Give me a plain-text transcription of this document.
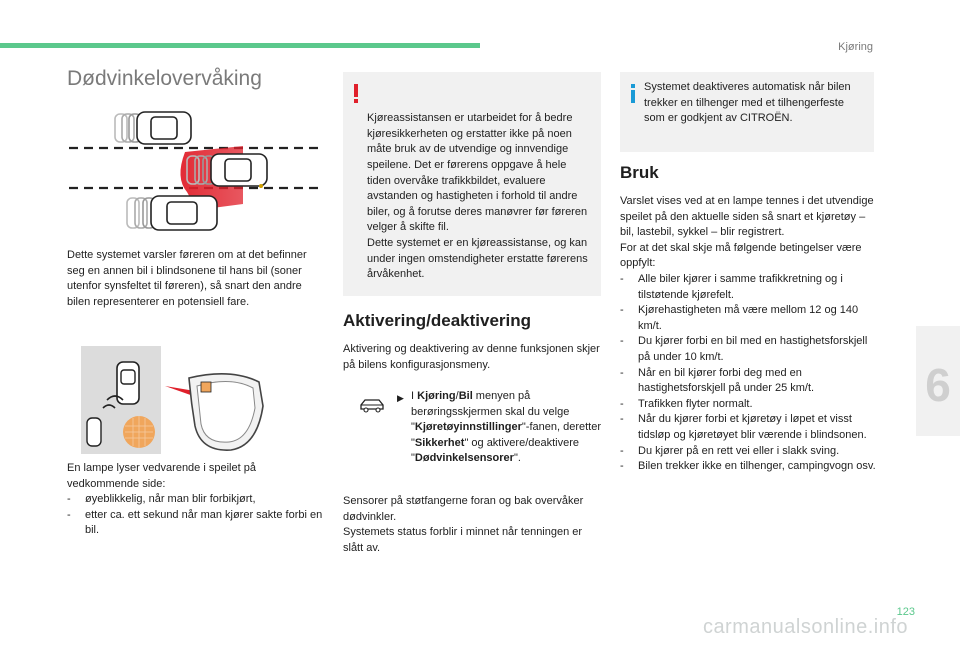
Kjøring
6
Dødvinkelovervåking
Dette systemet varsler føreren om at det befinner seg en annen bil i blindsonene til hans bil (soner utenfor synsfeltet til føreren), så snart den andre bilen representerer en potensiell fare.

En lampe lyser vedvarende i speilet på vedkommende side:

- øyeblikkelig, når man blir forbikjørt,
- etter ca. ett sekund når man kjører sakte forbi en bil.

Kjøreassistansen er utarbeidet for å bedre kjøresikkerheten og erstatter ikke på noen måte bruk av de utvendige og innvendige speilene. Det er førerens oppgave å hele tiden overvåke trafikkbildet, evaluere avstanden og hastigheten i forhold til andre biler, og å forutse deres manøvrer før føreren velger å skifte fil.
Dette systemet er en kjøreassistanse, og kan under ingen omstendigheter erstatte førerens årvåkenhet.

Aktivering/deaktivering
Aktivering og deaktivering av denne funksjonen skjer på bilens konfigurasjonsmeny.
▶ I Kjøring/Bil menyen på berøringsskjermen skal du velge "Kjøretøyinnstillinger"-fanen, deretter "Sikkerhet" og aktivere/deaktivere "Dødvinkelsensorer".
Sensorer på støtfangerne foran og bak overvåker dødvinkler.
Systemets status forblir i minnet når tenningen er slått av.
Systemet deaktiveres automatisk når bilen trekker en tilhenger med et tilhengerfeste som er godkjent av CITROËN.
Bruk
Varslet vises ved at en lampe tennes i det utvendige speilet på den aktuelle siden så snart et kjøretøy – bil, lastebil, sykkel – blir registrert.
For at det skal skje må følgende betingelser være oppfylt:
- Alle biler kjører i samme trafikkretning og i tilstøtende kjørefelt.
- Kjørehastigheten må være mellom 12 og 140 km/t.
- Du kjører forbi en bil med en hastighetsforskjell på under 10 km/t.
- Når en bil kjører forbi deg med en hastighetsforskjell på under 25 km/t.
- Trafikken flyter normalt.
- Når du kjører forbi et kjøretøy i løpet et visst tidsløp og kjøretøyet blir værende i blindsonen.
- Du kjører på en rett vei eller i slakk sving.
- Bilen trekker ikke en tilhenger, campingvogn osv.
123
carmanualsonline.info
